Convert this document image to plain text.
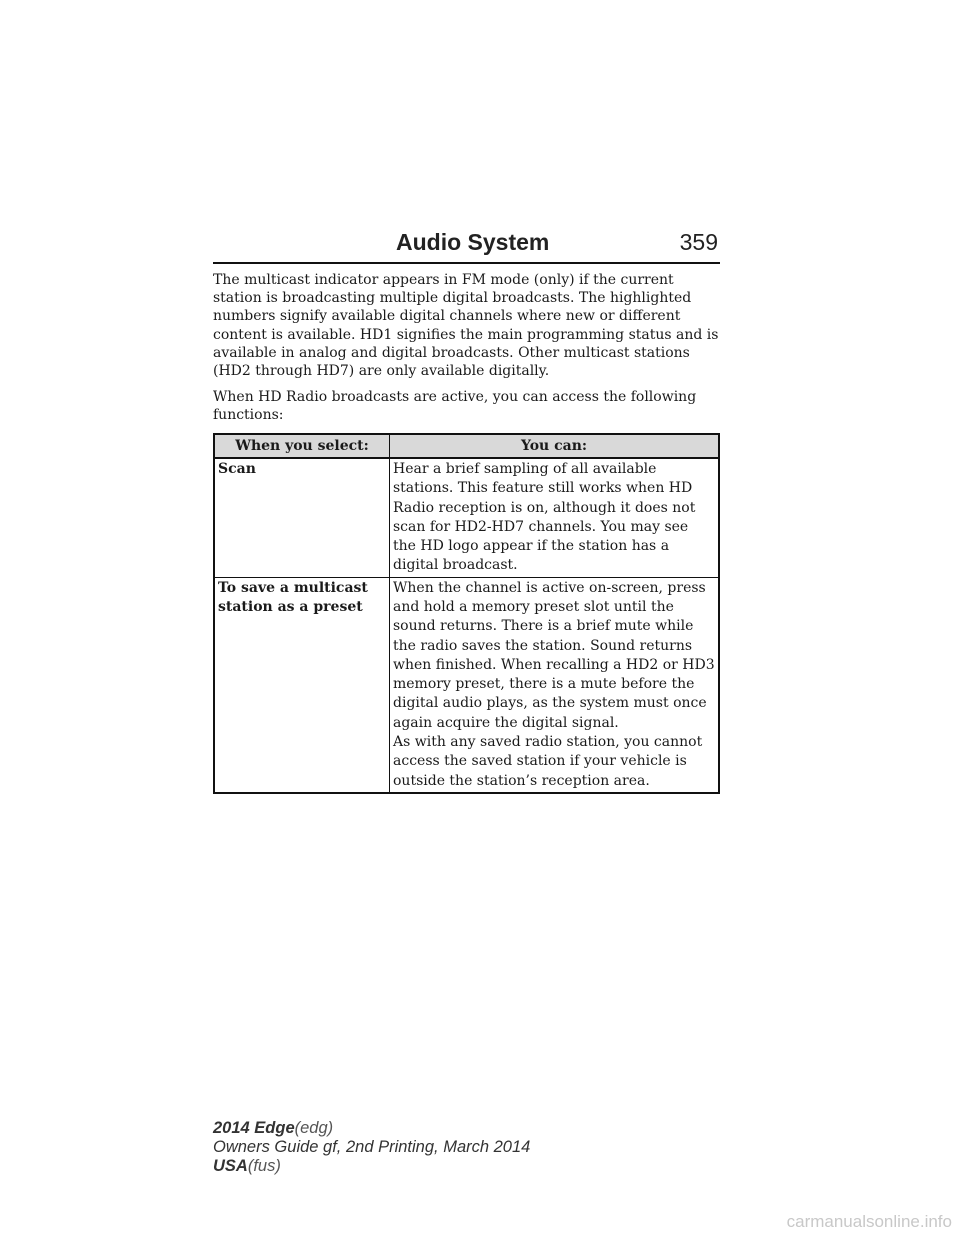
Audio System	359

The multicast indicator appears in FM mode (only) if the current station is broadcasting multiple digital broadcasts. The highlighted numbers signify available digital channels where new or different content is available. HD1 signifies the main programming status and is available in analog and digital broadcasts. Other multicast stations (HD2 through HD7) are only available digitally.

When HD Radio broadcasts are active, you can access the following functions:

When you select:	You can:
Scan	Hear a brief sampling of all available stations. This feature still works when HD Radio reception is on, although it does not scan for HD2-HD7 channels. You may see the HD logo appear if the station has a digital broadcast.
To save a multicast station as a preset	When the channel is active on-screen, press and hold a memory preset slot until the sound returns. There is a brief mute while the radio saves the station. Sound returns when finished. When recalling a HD2 or HD3 memory preset, there is a mute before the digital audio plays, as the system must once again acquire the digital signal.
As with any saved radio station, you cannot access the saved station if your vehicle is outside the station’s reception area.
2014 Edge(edg)
Owners Guide gf, 2nd Printing, March 2014
USA(fus)
carmanualsonline.info
